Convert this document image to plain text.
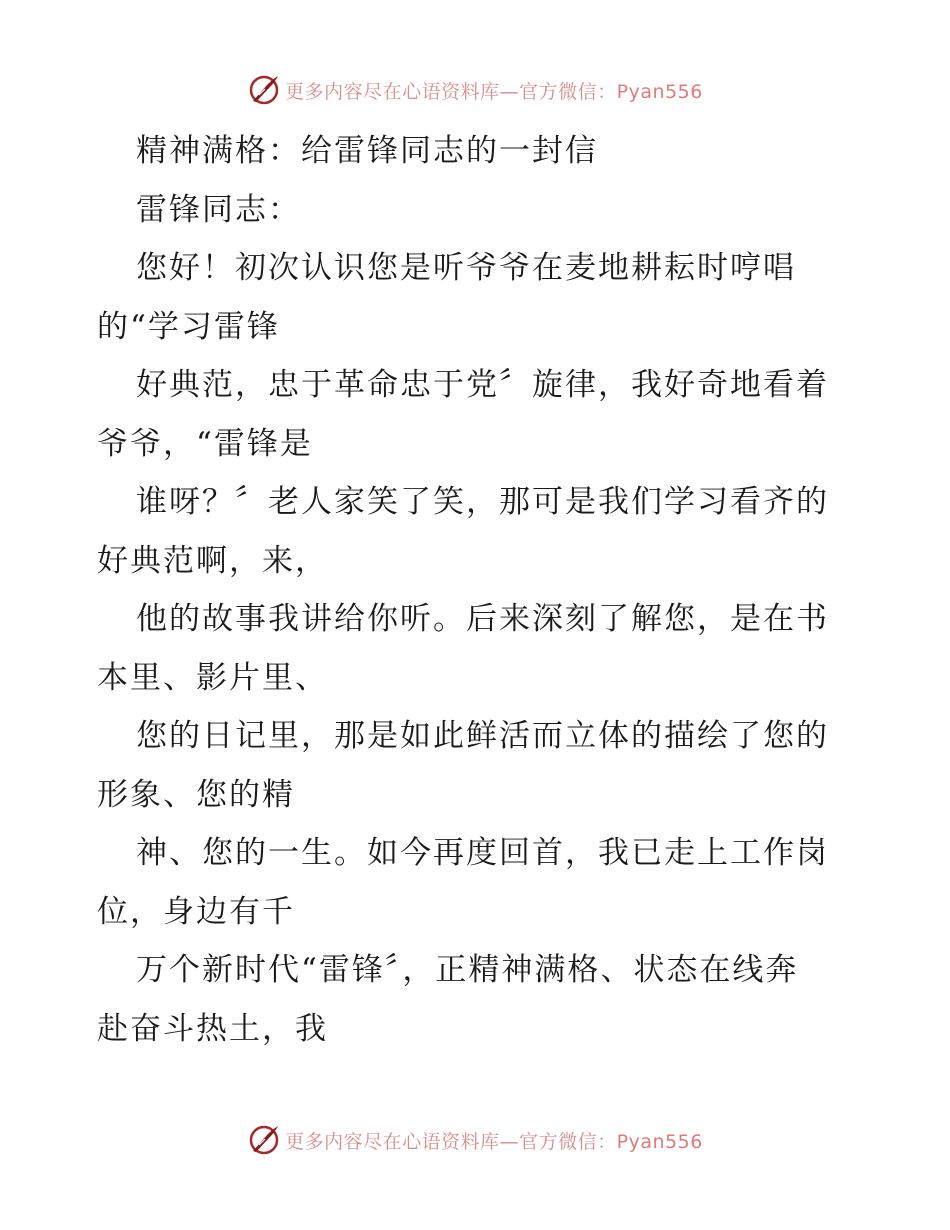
更多内容尽在心语资料库—官方微信：Pyan556
精神满格：给雷锋同志的一封信
雷锋同志：
您好！初次认识您是听爷爷在麦地耕耘时哼唱
的“学习雷锋
好典范，忠于革命忠于党〞旋律，我好奇地看着
爷爷，“雷锋是
谁呀？〞老人家笑了笑，那可是我们学习看齐的
好典范啊，来，
他的故事我讲给你听。后来深刻了解您，是在书
本里、影片里、
您的日记里，那是如此鲜活而立体的描绘了您的
形象、您的精
神、您的一生。如今再度回首，我已走上工作岗
位，身边有千
万个新时代“雷锋〞，正精神满格、状态在线奔
赴奋斗热土，我
更多内容尽在心语资料库—官方微信：Pyan556
